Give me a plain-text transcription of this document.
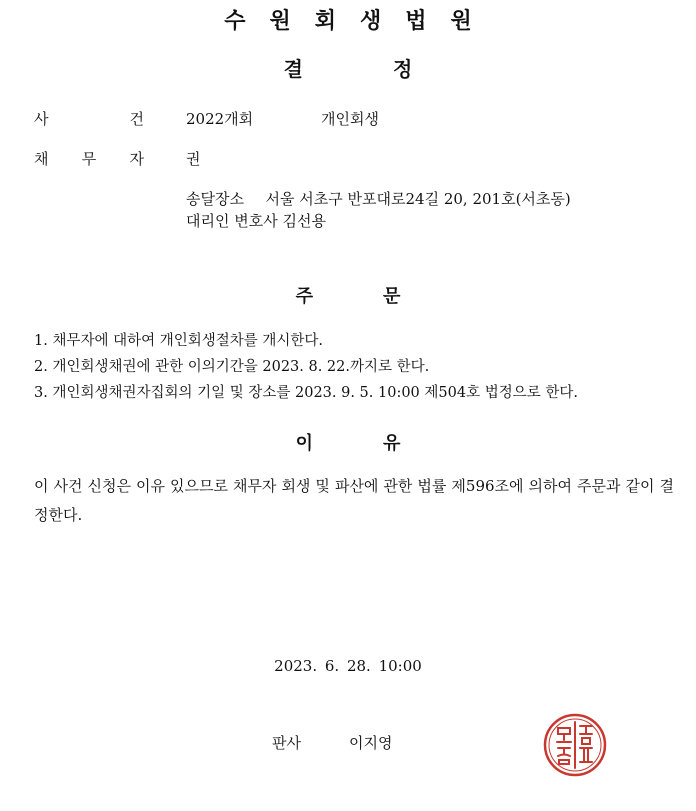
수원회생법원
결정
사	건	2022개회	개인회생
채 무 자	권
송달장소 서울 서초구 반포대로24길 20, 201호(서초동)
대리인 변호사 김선용
주문
1. 채무자에 대하여 개인회생절차를 개시한다.
2. 개인회생채권에 관한 이의기간을 2023. 8. 22.까지로 한다.
3. 개인회생채권자집회의 기일 및 장소를 2023. 9. 5. 10:00 제504호 법정으로 한다.
이유
이 사건 신청은 이유 있으므로 채무자 회생 및 파산에 관한 법률 제596조에 의하여 주문과 같이 결정한다.
2023. 6. 28. 10:00
판사	이지영
